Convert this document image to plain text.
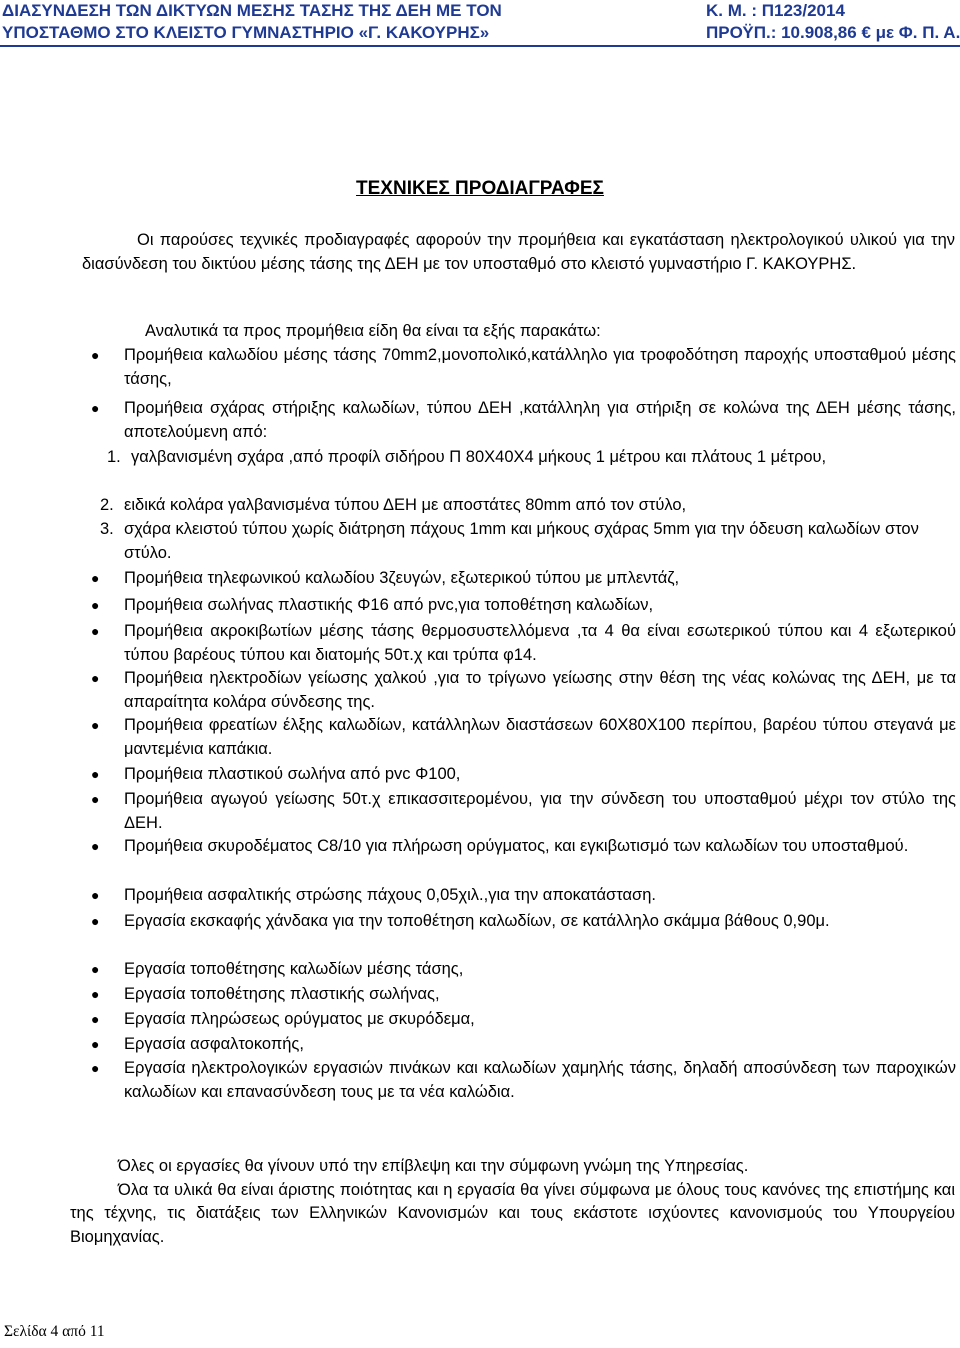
ΔΙΑΣΥΝΔΕΣΗ ΤΩΝ ΔΙΚΤΥΩΝ ΜΕΣΗΣ ΤΑΣΗΣ ΤΗΣ ΔΕΗ ΜΕ ΤΟΝ
ΥΠΟΣΤΑΘΜΟ ΣΤΟ ΚΛΕΙΣΤΟ ΓΥΜΝΑΣΤΗΡΙΟ «Γ. ΚΑΚΟΥΡΗΣ»
Κ. Μ. : Π123/2014
ΠΡΟΫΠ.: 10.908,86 € με Φ. Π. Α.
ΤΕΧΝΙΚΕΣ ΠΡΟΔΙΑΓΡΑΦΕΣ
Οι παρούσες τεχνικές προδιαγραφές αφορούν την προμήθεια και εγκατάσταση ηλεκτρολογικού υλικού για την διασύνδεση του δικτύου μέσης τάσης της ΔΕΗ με τον υποσταθμό στο κλειστό γυμναστήριο Γ. ΚΑΚΟΥΡΗΣ.
Αναλυτικά τα προς προμήθεια είδη θα είναι τα εξής παρακάτω:
● Προμήθεια καλωδίου μέσης τάσης 70mm2,μονοπολικό,κατάλληλο για τροφοδότηση παροχής υποσταθμού μέσης τάσης,
● Προμήθεια σχάρας στήριξης καλωδίων, τύπου ΔΕΗ ,κατάλληλη για στήριξη σε κολώνα της ΔΕΗ μέσης τάσης, αποτελούμενη από:
1. γαλβανισμένη σχάρα ,από προφίλ σιδήρου Π 80Χ40Χ4 μήκους 1 μέτρου και πλάτους 1 μέτρου,
2. ειδικά κολάρα γαλβανισμένα τύπου ΔΕΗ με αποστάτες 80mm από τον στύλο,
3. σχάρα κλειστού τύπου χωρίς διάτρηση πάχους 1mm και μήκους σχάρας 5mm για την όδευση καλωδίων στον στύλο.
● Προμήθεια τηλεφωνικού καλωδίου 3ζευγών, εξωτερικού τύπου με μπλεντάζ,
● Προμήθεια σωλήνας πλαστικής Φ16 από pvc,για τοποθέτηση καλωδίων,
● Προμήθεια ακροκιβωτίων μέσης τάσης θερμοσυστελλόμενα ,τα 4 θα είναι εσωτερικού τύπου και 4 εξωτερικού τύπου βαρέους τύπου και διατομής 50τ.χ και τρύπα φ14.
● Προμήθεια ηλεκτροδίων γείωσης χαλκού ,για το τρίγωνο γείωσης στην θέση της νέας κολώνας της ΔΕΗ, με τα απαραίτητα κολάρα σύνδεσης της.
● Προμήθεια φρεατίων έλξης καλωδίων, κατάλληλων διαστάσεων 60Χ80Χ100 περίπου, βαρέου τύπου στεγανά με μαντεμένια καπάκια.
● Προμήθεια πλαστικού σωλήνα από pvc Φ100,
● Προμήθεια αγωγού γείωσης 50τ.χ επικασσιτερομένου, για την σύνδεση του υποσταθμού μέχρι τον στύλο της ΔΕΗ.
● Προμήθεια σκυροδέματος C8/10 για πλήρωση ορύγματος, και εγκιβωτισμό των καλωδίων του υποσταθμού.
● Προμήθεια ασφαλτικής στρώσης πάχους 0,05χιλ.,για την αποκατάσταση.
● Εργασία εκσκαφής χάνδακα για την τοποθέτηση καλωδίων, σε κατάλληλο σκάμμα βάθους 0,90μ.
● Εργασία τοποθέτησης καλωδίων μέσης τάσης,
● Εργασία τοποθέτησης πλαστικής σωλήνας,
● Εργασία πληρώσεως ορύγματος με σκυρόδεμα,
● Εργασία ασφαλτοκοπής,
● Εργασία ηλεκτρολογικών εργασιών πινάκων και καλωδίων χαμηλής τάσης, δηλαδή αποσύνδεση των παροχικών καλωδίων και επανασύνδεση τους με τα νέα καλώδια.

Όλες οι εργασίες θα γίνουν υπό την επίβλεψη και την σύμφωνη γνώμη της Υπηρεσίας.

Όλα τα υλικά θα είναι άριστης ποιότητας και η εργασία θα γίνει σύμφωνα με όλους τους κανόνες της επιστήμης και της τέχνης, τις διατάξεις των Ελληνικών Κανονισμών και τους εκάστοτε ισχύοντες κανονισμούς του Υπουργείου Βιομηχανίας.

Σελίδα 4 από 11
